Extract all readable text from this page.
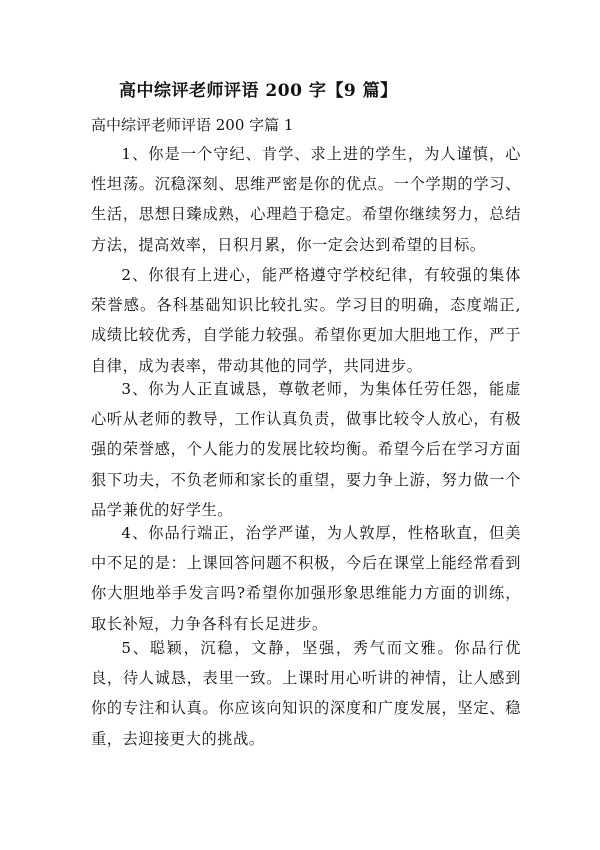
高中综评老师评语 200 字【9 篇】
高中综评老师评语 200 字篇 1

1、你是一个守纪、肯学、求上进的学生，为人谨慎，心性坦荡。沉稳深刻、思维严密是你的优点。一个学期的学习、生活，思想日臻成熟，心理趋于稳定。希望你继续努力，总结方法，提高效率，日积月累，你一定会达到希望的目标。

2、你很有上进心，能严格遵守学校纪律，有较强的集体荣誉感。各科基础知识比较扎实。学习目的明确，态度端正,成绩比较优秀，自学能力较强。希望你更加大胆地工作，严于自律，成为表率，带动其他的同学，共同进步。

3、你为人正直诚恳，尊敬老师，为集体任劳任怨，能虚心听从老师的教导，工作认真负责，做事比较令人放心，有极强的荣誉感，个人能力的发展比较均衡。希望今后在学习方面狠下功夫，不负老师和家长的重望，要力争上游，努力做一个品学兼优的好学生。

4、你品行端正，治学严谨，为人敦厚，性格耿直，但美中不足的是：上课回答问题不积极，今后在课堂上能经常看到你大胆地举手发言吗?希望你加强形象思维能力方面的训练，取长补短，力争各科有长足进步。

5、聪颖，沉稳，文静，坚强，秀气而文雅。你品行优良，待人诚恳，表里一致。上课时用心听讲的神情，让人感到你的专注和认真。你应该向知识的深度和广度发展，坚定、稳重，去迎接更大的挑战。
